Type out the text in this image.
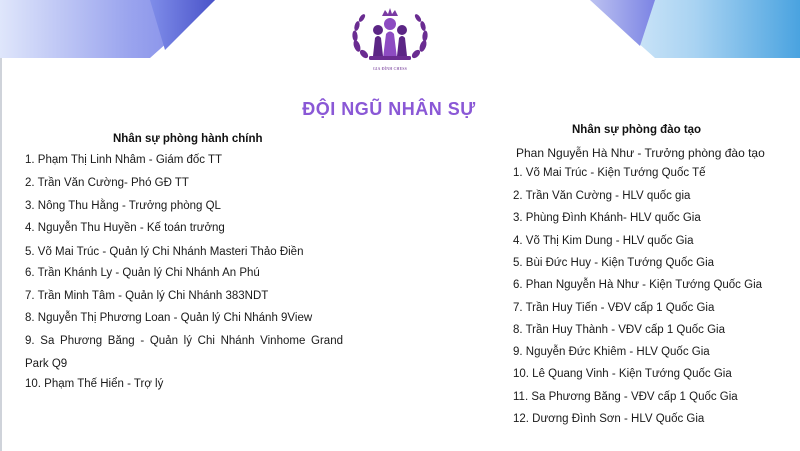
GIA ĐÌNH CHESS
ĐỘI NGŨ NHÂN SỰ
Nhân sự phòng hành chính
1. Phạm Thị Linh Nhâm - Giám đốc TT
2. Trần Văn Cường- Phó GĐ TT
3. Nông Thu Hằng - Trưởng phòng QL
4. Nguyễn Thu Huyền - Kế toán trưởng
5. Võ Mai Trúc - Quản lý Chi Nhánh Masteri Thảo Điền
6. Trần Khánh Ly - Quản lý Chi Nhánh An Phú
7. Trần Minh Tâm - Quản lý Chi Nhánh 383NDT
8. Nguyễn Thị Phương Loan - Quản lý Chi Nhánh 9View
9. Sa Phương Băng - Quản lý Chi Nhánh Vinhome Grand Park Q9
10. Phạm Thế Hiển - Trợ lý
Nhân sự phòng đào tạo
Phan Nguyễn Hà Như - Trưởng phòng đào tạo
1. Võ Mai Trúc - Kiện Tướng Quốc Tế
2. Trần Văn Cường - HLV quốc gia
3. Phùng Đình Khánh- HLV quốc Gia
4. Võ Thị Kim Dung - HLV quốc Gia
5. Bùi Đức Huy - Kiện Tướng Quốc Gia
6. Phan Nguyễn Hà Như - Kiện Tướng Quốc Gia
7. Trần Huy Tiến - VĐV cấp 1 Quốc Gia
8. Trần Huy Thành - VĐV cấp 1 Quốc Gia
9. Nguyễn Đức Khiêm - HLV Quốc Gia
10. Lê Quang Vinh - Kiện Tướng Quốc Gia
11. Sa Phương Băng - VĐV cấp 1 Quốc Gia
12. Dương Đình Sơn - HLV Quốc Gia
